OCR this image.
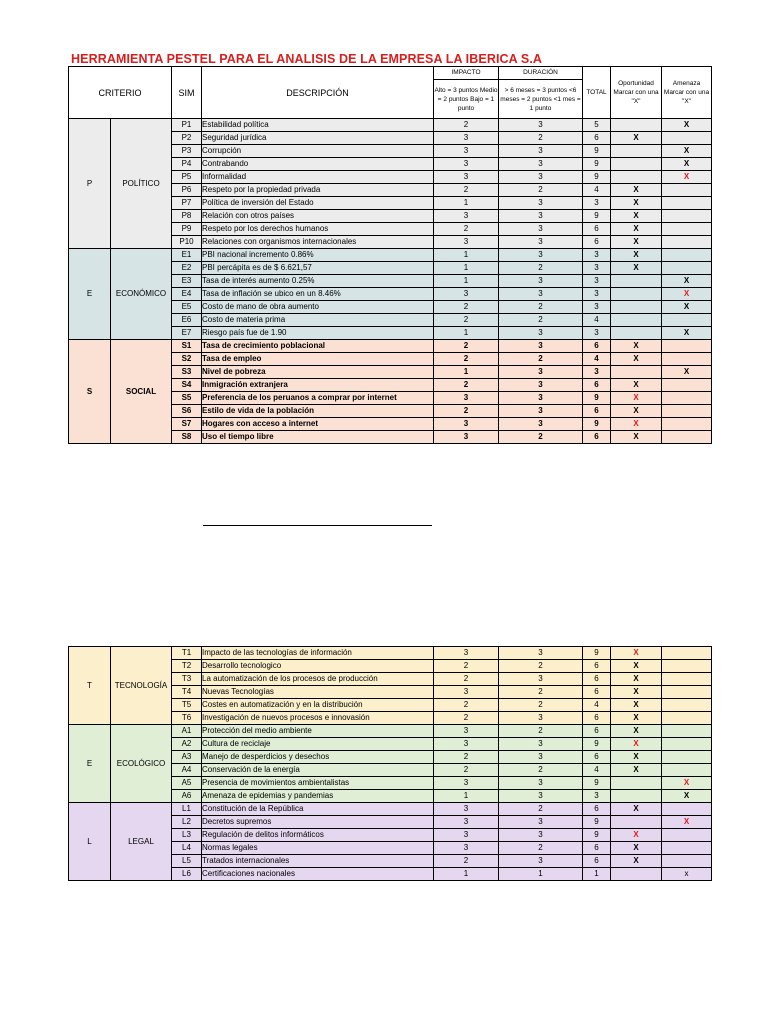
HERRAMIENTA PESTEL PARA EL ANALISIS DE LA EMPRESA LA IBERICA S.A
CRITERIO		SIM	DESCRIPCIÓN	IMPACTO	DURACIÓN	TOTAL	Oportunidad Marcar con una "X"	Amenaza Marcar con una "X"
				Alto = 3 puntos Medio = 2 puntos Bajo = 1 punto	> 6 meses = 3 puntos <6 meses = 2 puntos <1 mes = 1 punto			
P	POLÍTICO	P1	Estabilidad política	2	3	5		X
		P2	Seguridad jurídica	3	2	6	X	
		P3	Corrupción	3	3	9		X
		P4	Contrabando	3	3	9		X
		P5	Informalidad	3	3	9		X
		P6	Respeto por la propiedad privada	2	2	4	X	
		P7	Política de inversión del Estado	1	3	3	X	
		P8	Relación con otros países	3	3	9	X	
		P9	Respeto por los derechos humanos	2	3	6	X	
		P10	Relaciones con organismos internacionales	3	3	6	X	
E	ECONÓMICO	E1	PBI nacional incremento 0.86%	1	3	3	X	
		E2	PBI percápita es de $ 6.621,57	1	2	3	X	
		E3	Tasa de interés aumento 0.25%	1	3	3		X
		E4	Tasa de inflación se ubico en un 8.46%	3	3	3		X
		E5	Costo de mano de obra aumento	2	2	3		X
		E6	Costo de materia prima	2	2	4		
		E7	Riesgo país fue de 1.90	1	3	3		X
S	SOCIAL	S1	Tasa de crecimiento poblacional	2	3	6	X	
		S2	Tasa de empleo	2	2	4	X	
		S3	Nivel de pobreza	1	3	3		X
		S4	Inmigración extranjera	2	3	6	X	
		S5	Preferencia de los peruanos a comprar por internet	3	3	9	X	
		S6	Estilo de vida de la población	2	3	6	X	
		S7	Hogares con acceso a internet	3	3	9	X	
		S8	Uso el tiempo libre	3	2	6	X	
T	TECNOLOGÍA	T1	Impacto de las tecnologías de información	3	3	9	X	
		T2	Desarrollo tecnologico	2	2	6	X	
		T3	La automatización de los procesos de producción	2	3	6	X	
		T4	Nuevas Tecnologías	3	2	6	X	
		T5	Costes en automatización y en la distribución	2	2	4	X	
		T6	Investigación de nuevos procesos e innovasión	2	3	6	X	
E	ECOLÓGICO	A1	Protección del medio ambiente	3	2	6	X	
		A2	Cultura de reciclaje	3	3	9	X	
		A3	Manejo de desperdicios y desechos	2	3	6	X	
		A4	Conservación de la energía	2	2	4	X	
		A5	Presencia de movimientos ambientalistas	3	3	9		X
		A6	Amenaza de epidemias y pandemias	1	3	3		X
L	LEGAL	L1	Constitución de la República	3	2	6	X	
		L2	Decretos supremos	3	3	9		X
		L3	Regulación de delitos informáticos	3	3	9	X	
		L4	Normas legales	3	2	6	X	
		L5	Tratados internacionales	2	3	6	X	
		L6	Certificaciones nacionales	1	1	1		x
